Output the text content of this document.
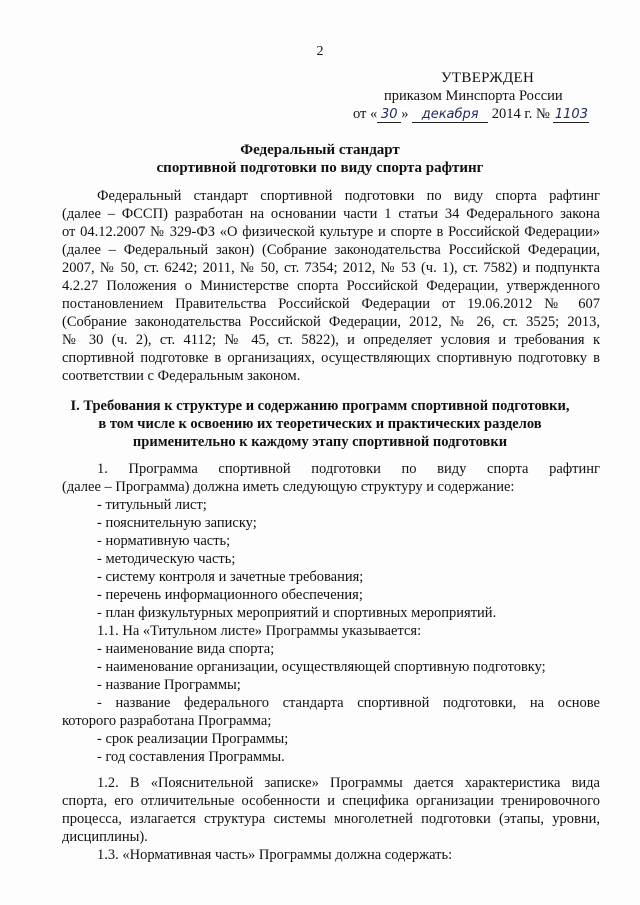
2
УТВЕРЖДЕН
приказом Минспорта России
от « 30 » декабря 2014 г. № 1103
Федеральный стандарт
спортивной подготовки по виду спорта рафтинг
Федеральный стандарт спортивной подготовки по виду спорта рафтинг
(далее – ФССП) разработан на основании части 1 статьи 34 Федерального закона
от 04.12.2007 № 329-ФЗ «О физической культуре и спорте в Российской Федерации»
(далее – Федеральный закон) (Собрание законодательства Российской Федерации,
2007, № 50, ст. 6242; 2011, № 50, ст. 7354; 2012, № 53 (ч. 1), ст. 7582) и подпункта
4.2.27 Положения о Министерстве спорта Российской Федерации, утвержденного
постановлением Правительства Российской Федерации от 19.06.2012 № 607
(Собрание законодательства Российской Федерации, 2012, № 26, ст. 3525; 2013,
№ 30 (ч. 2), ст. 4112; № 45, ст. 5822), и определяет условия и требования к
спортивной подготовке в организациях, осуществляющих спортивную подготовку в
соответствии с Федеральным законом.
I. Требования к структуре и содержанию программ спортивной подготовки,
в том числе к освоению их теоретических и практических разделов
применительно к каждому этапу спортивной подготовки
1. Программа спортивной подготовки по виду спорта рафтинг
(далее – Программа) должна иметь следующую структуру и содержание:
- титульный лист;
- пояснительную записку;
- нормативную часть;
- методическую часть;
- систему контроля и зачетные требования;
- перечень информационного обеспечения;
- план физкультурных мероприятий и спортивных мероприятий.
1.1. На «Титульном листе» Программы указывается:
- наименование вида спорта;
- наименование организации, осуществляющей спортивную подготовку;
- название Программы;
- название федерального стандарта спортивной подготовки, на основе
которого разработана Программа;
- срок реализации Программы;
- год составления Программы.
1.2. В «Пояснительной записке» Программы дается характеристика вида
спорта, его отличительные особенности и специфика организации тренировочного
процесса, излагается структура системы многолетней подготовки (этапы, уровни,
дисциплины).
1.3. «Нормативная часть» Программы должна содержать:
